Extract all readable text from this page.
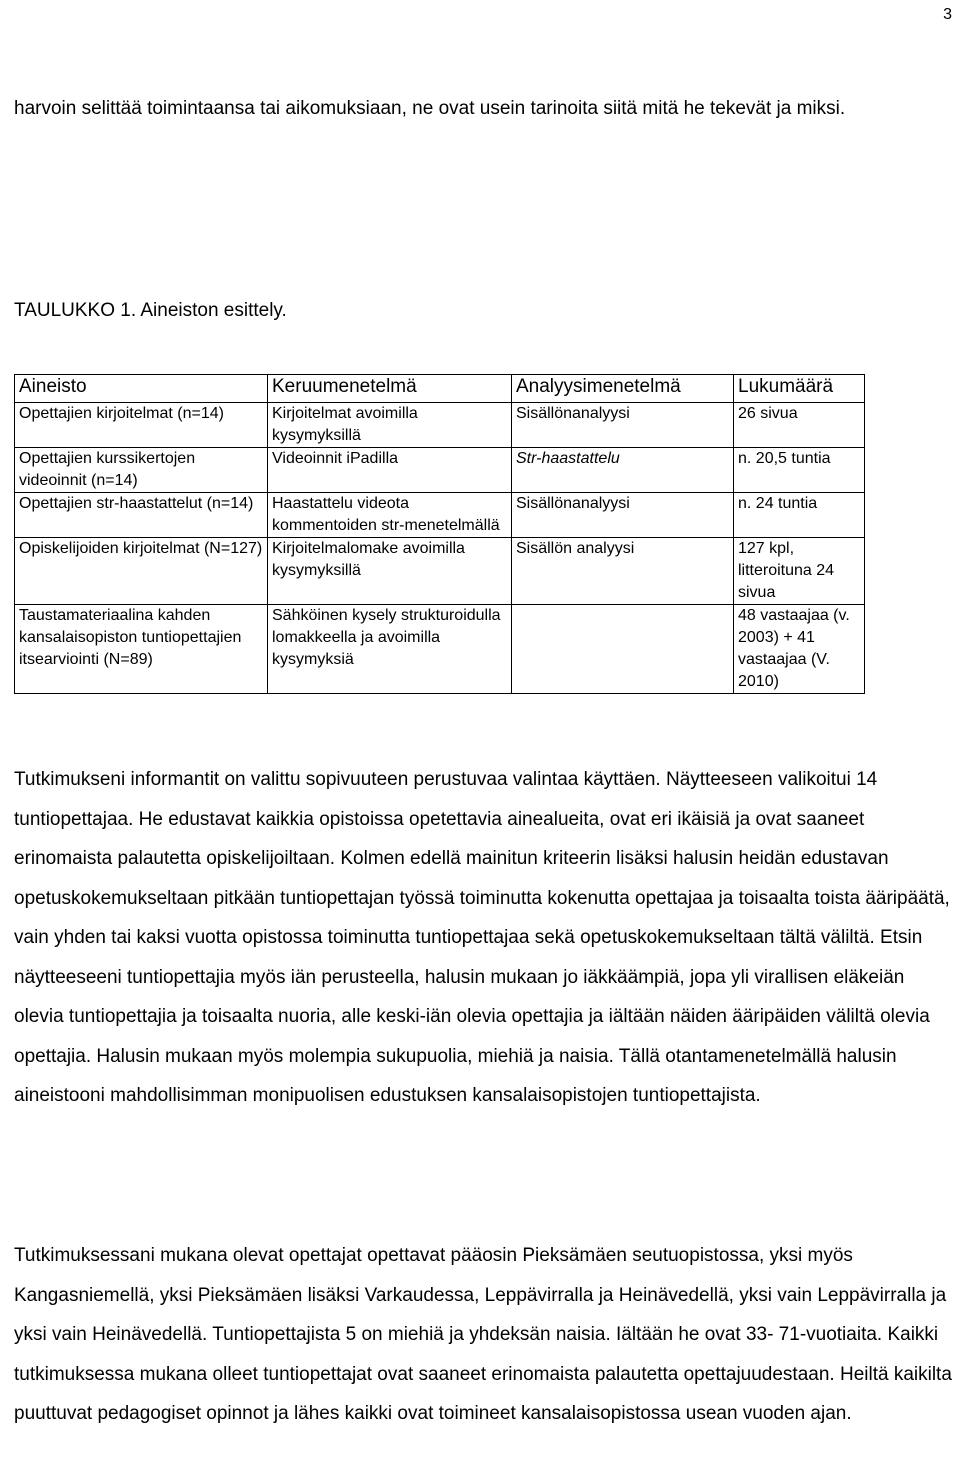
3

harvoin selittää toimintaansa tai aikomuksiaan, ne ovat usein tarinoita siitä mitä he tekevät ja miksi.

TAULUKKO 1. Aineiston esittely.

Aineisto	Keruumenetelmä	Analyysimenetelmä	Lukumäärä
Opettajien kirjoitelmat (n=14)	Kirjoitelmat avoimilla kysymyksillä	Sisällönanalyysi	26 sivua
Opettajien kurssikertojen videoinnit (n=14)	Videoinnit iPadilla	Str-haastattelu	n. 20,5 tuntia
Opettajien str-haastattelut (n=14)	Haastattelu videota kommentoiden str-menetelmällä	Sisällönanalyysi	n. 24 tuntia
Opiskelijoiden kirjoitelmat (N=127)	Kirjoitelmalomake avoimilla kysymyksillä	Sisällön analyysi	127 kpl, litteroituna 24 sivua
Taustamateriaalina kahden kansalaisopiston tuntiopettajien itsearviointi (N=89)	Sähköinen kysely strukturoidulla lomakkeella ja avoimilla kysymyksiä		48 vastaajaa (v. 2003) + 41 vastaajaa (V. 2010)

Tutkimukseni informantit on valittu sopivuuteen perustuvaa valintaa käyttäen. Näytteeseen valikoitui 14 tuntiopettajaa. He edustavat kaikkia opistoissa opetettavia ainealueita, ovat eri ikäisiä ja ovat saaneet erinomaista palautetta opiskelijoiltaan. Kolmen edellä mainitun kriteerin lisäksi halusin heidän edustavan opetuskokemukseltaan pitkään tuntiopettajan työssä toiminutta kokenutta opettajaa ja toisaalta toista ääripäätä, vain yhden tai kaksi vuotta opistossa toiminutta tuntiopettajaa sekä opetuskokemukseltaan tältä väliltä. Etsin näytteeseeni tuntiopettajia myös iän perusteella, halusin mukaan jo iäkkäämpiä, jopa yli virallisen eläkeiän olevia tuntiopettajia ja toisaalta nuoria, alle keski-iän olevia opettajia ja iältään näiden ääripäiden väliltä olevia opettajia. Halusin mukaan myös molempia sukupuolia, miehiä ja naisia. Tällä otantamenetelmällä halusin aineistooni mahdollisimman monipuolisen edustuksen kansalaisopistojen tuntiopettajista.

Tutkimuksessani mukana olevat opettajat opettavat pääosin Pieksämäen seutuopistossa, yksi myös Kangasniemellä, yksi Pieksämäen lisäksi Varkaudessa, Leppävirralla ja Heinävedellä, yksi vain Leppävirralla ja yksi vain Heinävedellä. Tuntiopettajista 5 on miehiä ja yhdeksän naisia. Iältään he ovat 33- 71-vuotiaita. Kaikki tutkimuksessa mukana olleet tuntiopettajat ovat saaneet erinomaista palautetta opettajuudestaan. Heiltä kaikilta puuttuvat pedagogiset opinnot ja lähes kaikki ovat toimineet kansalaisopistossa usean vuoden ajan.
